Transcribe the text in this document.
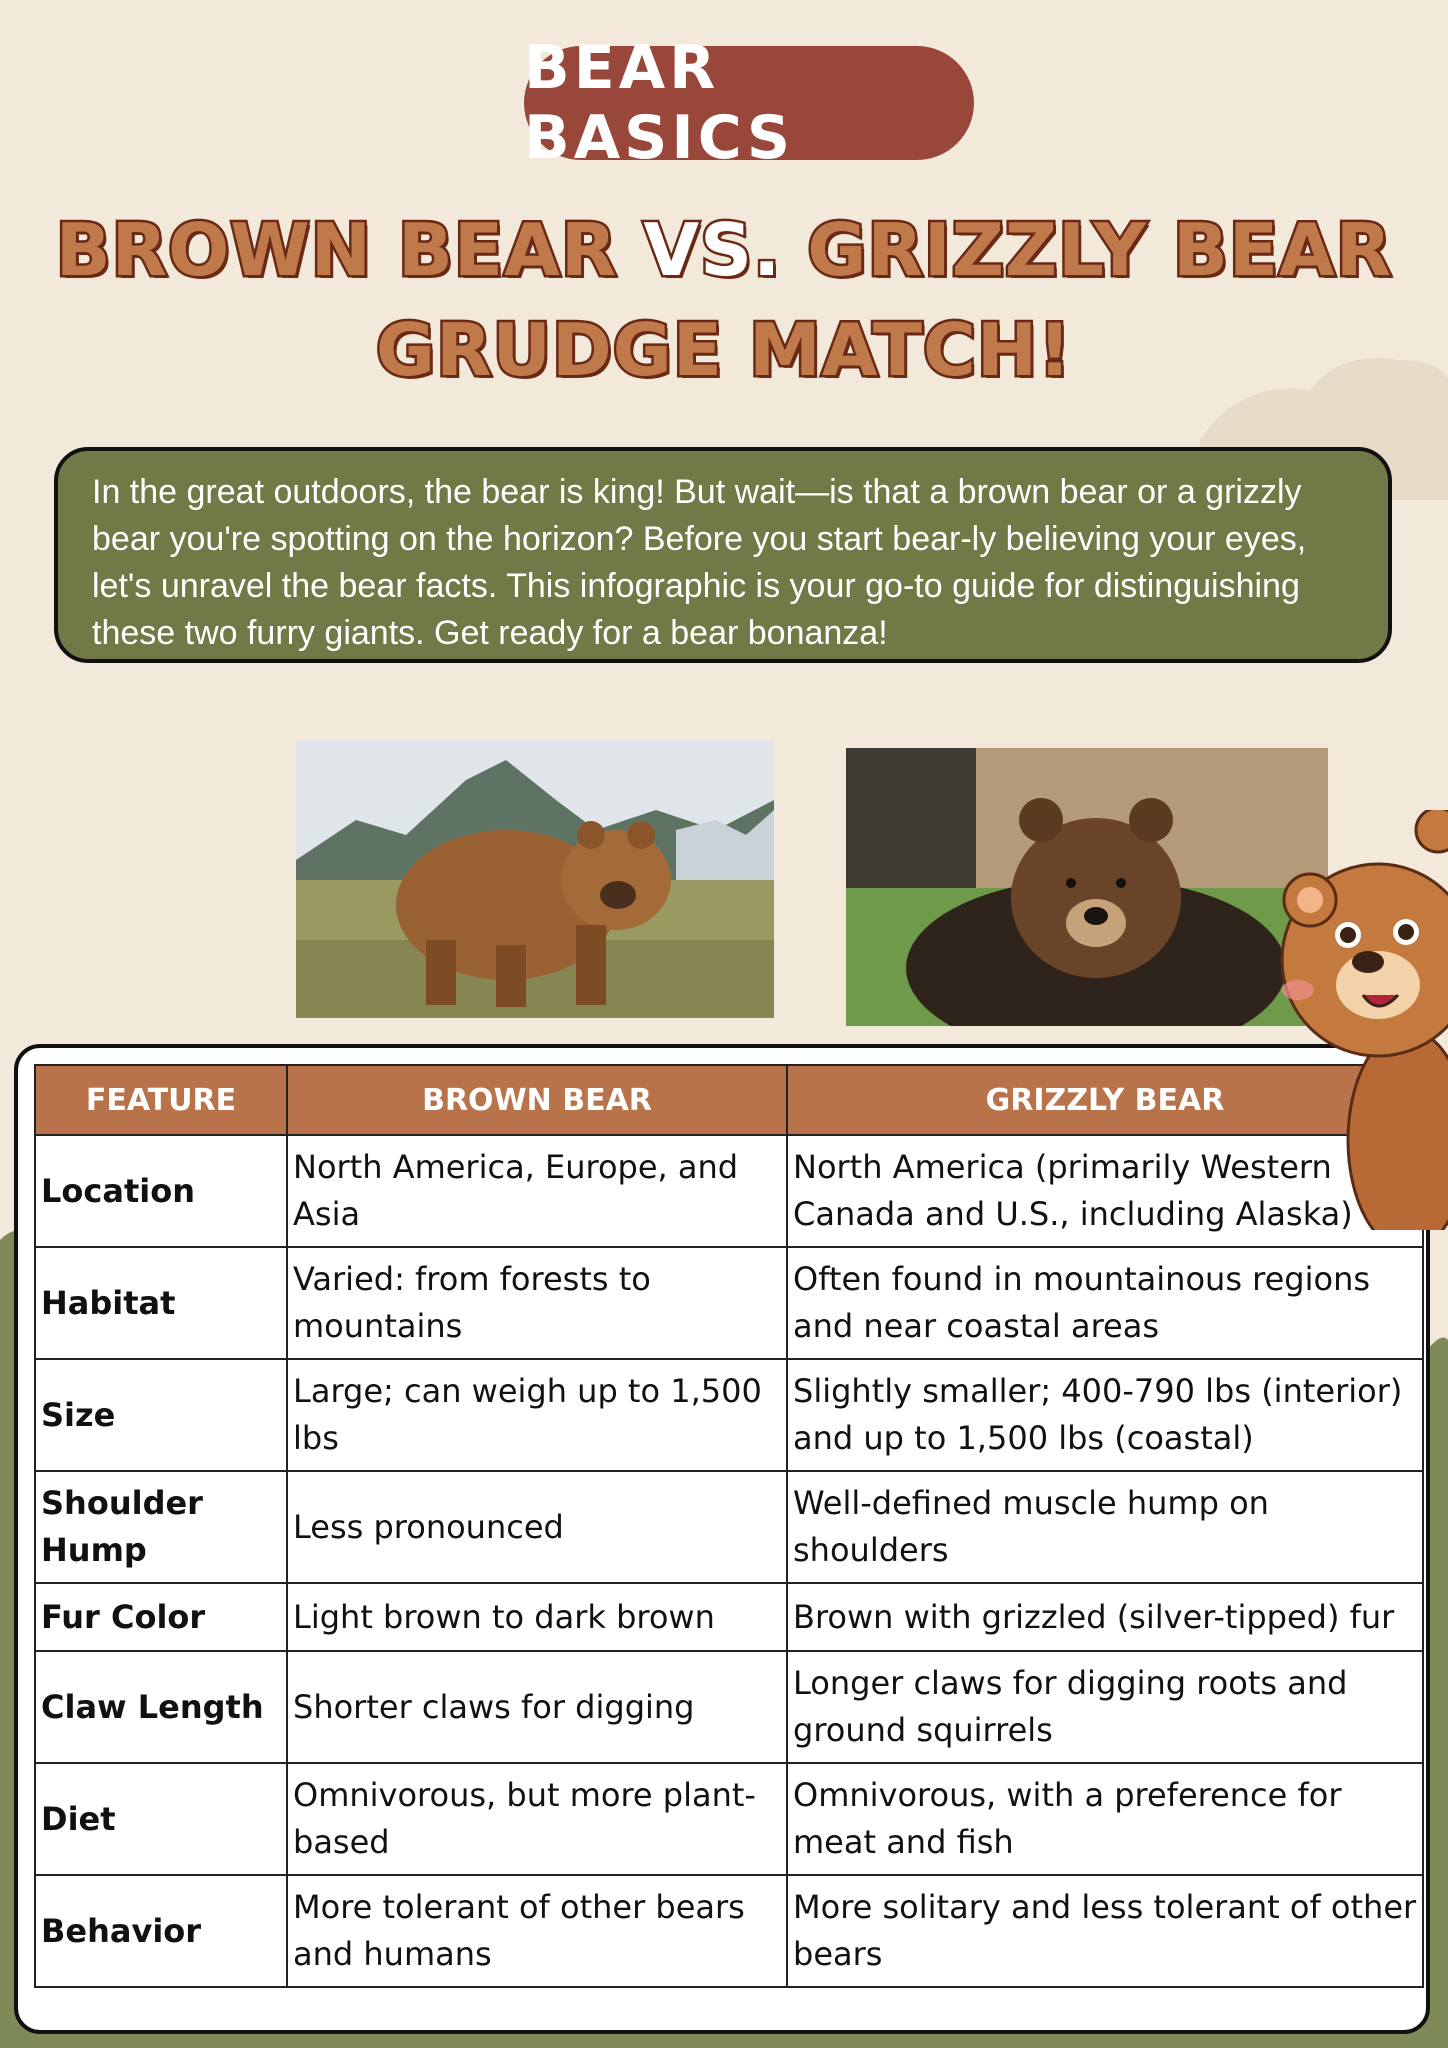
BEAR BASICS
BROWN BEAR VS. GRIZZLY BEAR
GRUDGE MATCH!
In the great outdoors, the bear is king! But wait—is that a brown bear or a grizzly bear you're spotting on the horizon? Before you start bear-ly believing your eyes, let's unravel the bear facts. This infographic is your go-to guide for distinguishing these two furry giants. Get ready for a bear bonanza!
FEATURE	BROWN BEAR	GRIZZLY BEAR
Location	North America, Europe, and Asia	North America (primarily Western Canada and U.S., including Alaska)
Habitat	Varied: from forests to mountains	Often found in mountainous regions and near coastal areas
Size	Large; can weigh up to 1,500 lbs	Slightly smaller; 400-790 lbs (interior) and up to 1,500 lbs (coastal)
Shoulder Hump	Less pronounced	Well-defined muscle hump on shoulders
Fur Color	Light brown to dark brown	Brown with grizzled (silver-tipped) fur
Claw Length	Shorter claws for digging	Longer claws for digging roots and ground squirrels
Diet	Omnivorous, but more plant-based	Omnivorous, with a preference for meat and fish
Behavior	More tolerant of other bears and humans	More solitary and less tolerant of other bears
